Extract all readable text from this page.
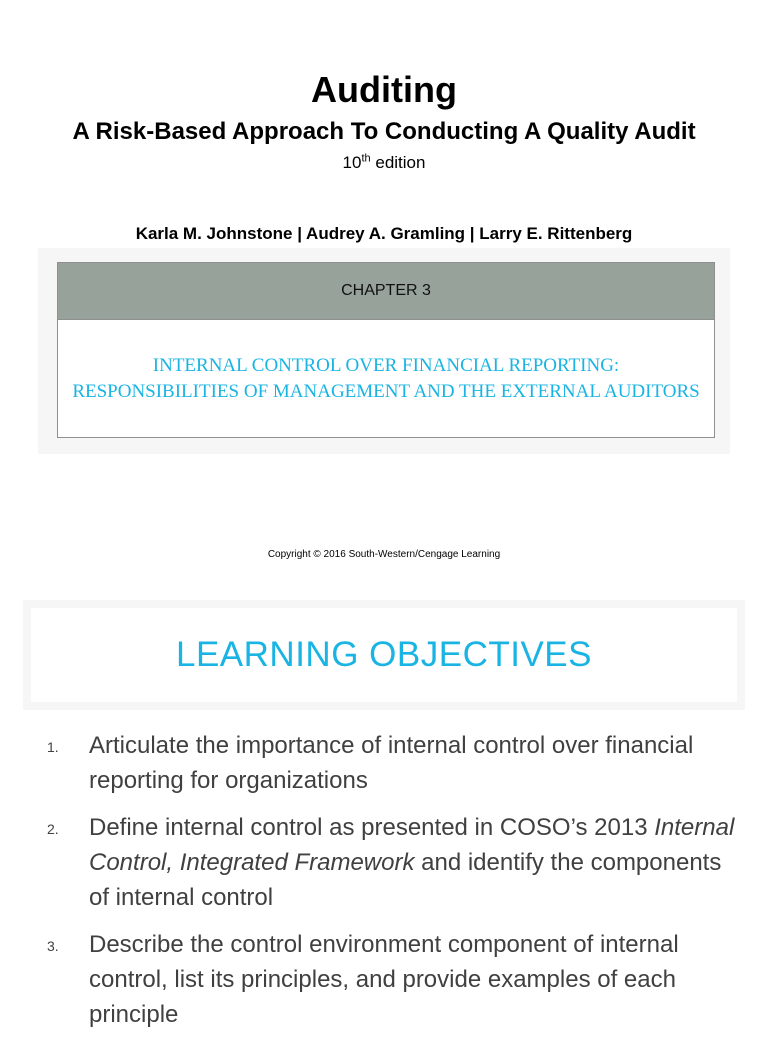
Auditing
A Risk-Based Approach To Conducting A Quality Audit
10th edition
Karla M. Johnstone | Audrey A. Gramling | Larry E. Rittenberg
CHAPTER 3
INTERNAL CONTROL OVER FINANCIAL REPORTING: RESPONSIBILITIES OF MANAGEMENT AND THE EXTERNAL AUDITORS
Copyright © 2016 South-Western/Cengage Learning
LEARNING OBJECTIVES
1. Articulate the importance of internal control over financial reporting for organizations
2. Define internal control as presented in COSO’s 2013 Internal Control, Integrated Framework and identify the components of internal control
3. Describe the control environment component of internal control, list its principles, and provide examples of each principle
